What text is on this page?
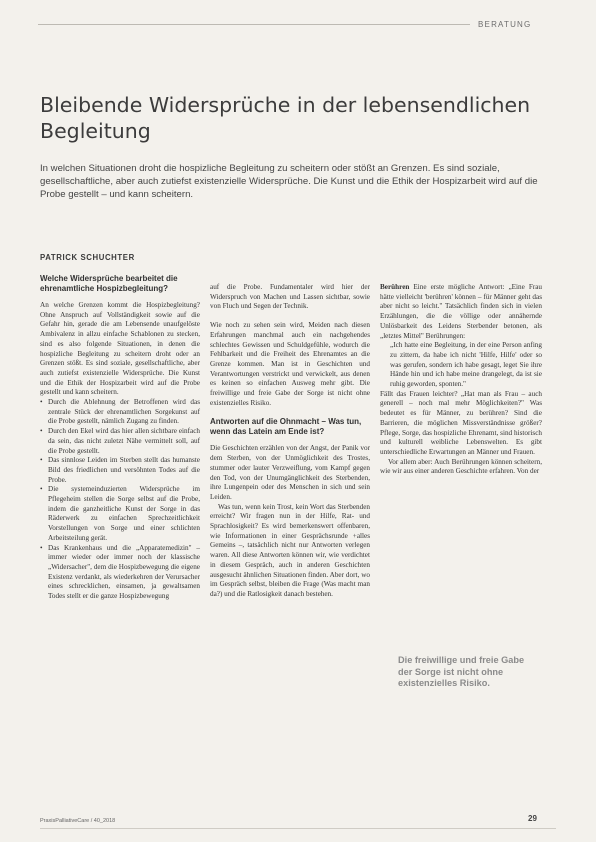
BERATUNG
Bleibende Widersprüche in der lebensendlichen Begleitung

In welchen Situationen droht die hospizliche Begleitung zu scheitern oder stößt an Grenzen. Es sind soziale, gesellschaftliche, aber auch zutiefst existenzielle Widersprüche. Die Kunst und die Ethik der Hospizarbeit wird auf die Probe gestellt – und kann scheitern.

PATRICK SCHUCHTER
Welche Widersprüche bearbeitet die ehrenamtliche Hospizbegleitung?

An welche Grenzen kommt die Hospizbegleitung? Ohne Anspruch auf Vollständigkeit sowie auf die Gefahr hin, gerade die am Lebensende unaufgelöste Ambivalenz in allzu einfache Schablonen zu stecken, sind es also folgende Situationen, in denen die hospizliche Begleitung zu scheitern droht oder an Grenzen stößt. Es sind soziale, gesellschaftliche, aber auch zutiefst existenzielle Widersprüche. Die Kunst und die Ethik der Hospizarbeit wird auf die Probe gestellt und kann scheitern.

• Durch die Ablehnung der Betroffenen wird das zentrale Stück der ehrenamtlichen Sorgekunst auf die Probe gestellt, nämlich Zugang zu finden.
• Durch den Ekel wird das hier allen sichtbare einfach da sein, das nicht zuletzt Nähe vermittelt soll, auf die Probe gestellt.
• Das sinnlose Leiden im Sterben stellt das humanste Bild des friedlichen und versöhnten Todes auf die Probe.
• Die systemeinduzierten Widersprüche im Pflegeheim stellen die Sorge selbst auf die Probe, indem die ganzheitliche Kunst der Sorge in das Räderwerk zu einfachen Sprechzeitlichkeit Vorstellungen von Sorge und einer schlichten Arbeitsteilung gerät.
• Das Krankenhaus und die „Apparatemedizin" – immer wieder oder immer noch der klassische „Widersacher", dem die Hospizbewegung die eigene Existenz verdankt, als wiederkehren der Verursacher eines schrecklichen, einsamen, ja gewaltsamen Todes stellt er die ganze Hospizbewegung

auf die Probe. Fundamentaler wird hier der Widerspruch von Machen und Lassen sichtbar, sowie von Fluch und Segen der Technik.

Wie noch zu sehen sein wird, Meiden nach diesen Erfahrungen manchmal auch ein nachgehendes schlechtes Gewissen und Schuldgefühle, wodurch die Fehlbarkeit und die Freiheit des Ehrenamtes an die Grenze kommen. Man ist in Geschichten und Verantwortungen verstrickt und verwickelt, aus denen es keinen so einfachen Ausweg mehr gibt. Die freiwillige und freie Gabe der Sorge ist nicht ohne existenzielles Risiko.

Antworten auf die Ohnmacht – Was tun, wenn das Latein am Ende ist?

Die Geschichten erzählen von der Angst, der Panik vor dem Sterben, von der Unmöglichkeit des Trostes, stummer oder lauter Verzweiflung, vom Kampf gegen den Tod, von der Unumgänglichkeit des Sterbenden, ihre Lungenpein oder des Menschen in sich und sein Leiden.

Was tun, wenn kein Trost, kein Wort das Sterbenden erreicht? Wir fragen nun in der Hilfe, Rat- und Sprachlosigkeit? Es wird bemerkenswert offenbaren, wie Informationen in einer Gesprächsrunde +alles Gemeins –, tatsächlich nicht nur Antworten verlegen waren. All diese Antworten können wir, wie verdichtet in diesem Gespräch, auch in anderen Geschichten ausgesucht ähnlichen Situationen finden. Aber dort, wo im Gespräch selbst, bleiben die Frage (Was macht man da?) und die Ratlosigkeit danach bestehen.

Berühren Eine erste mögliche Antwort: „Eine Frau hätte vielleicht 'berühren' können – für Männer geht das aber nicht so leicht." Tatsächlich finden sich in vielen Erzählungen, die die völlige oder annähernde Unlösbarkeit des Leidens Sterbender betonen, als „letztes Mittel" Berührungen:

„Ich hatte eine Begleitung, in der eine Person anfing zu zittern, da habe ich nicht 'Hilfe, Hilfe' oder so was gerufen, sondern ich habe gesagt, leget Sie ihre Hände hin und ich habe meine drangelegt, da ist sie ruhig geworden, sponten."

Fällt das Frauen leichter? „Hat man als Frau – auch generell – noch mal mehr Möglichkeiten?" Was bedeutet es für Männer, zu berühren? Sind die Barrieren, die möglichen Missverständnisse größer? Pflege, Sorge, das hospizliche Ehrenamt, sind historisch und kulturell weibliche Lebenswelten. Es gibt unterschiedliche Erwartungen an Männer und Frauen.

Vor allem aber: Auch Berührungen können scheitern, wie wir aus einer anderen Geschichte erfahren. Von der

Die freiwillige und freie Gabe der Sorge ist nicht ohne existenzielles Risiko.
PraxisPalliativeCare / 40_2018	29
